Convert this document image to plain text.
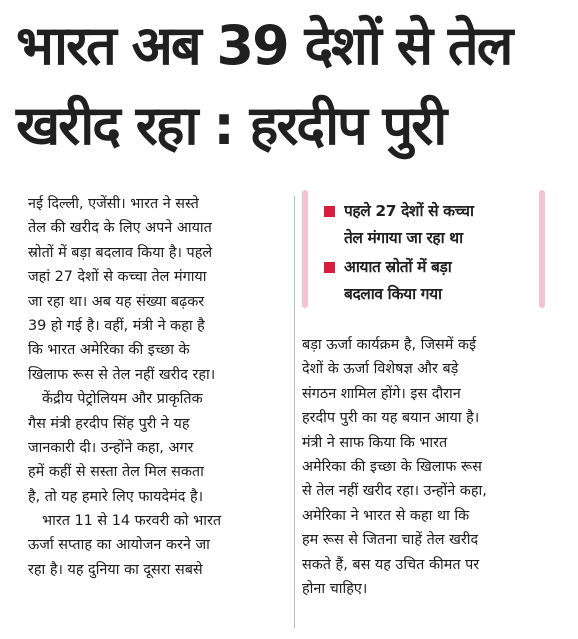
भारत अब 39 देशों से तेल
खरीद रहा : हरदीप पुरी
नई दिल्ली, एजेंसी। भारत ने सस्ते
तेल की खरीद के लिए अपने आयात
स्रोतों में बड़ा बदलाव किया है। पहले
जहां 27 देशों से कच्चा तेल मंगाया
जा रहा था। अब यह संख्या बढ़कर
39 हो गई है। वहीं, मंत्री ने कहा है
कि भारत अमेरिका की इच्छा के
खिलाफ रूस से तेल नहीं खरीद रहा।
केंद्रीय पेट्रोलियम और प्राकृतिक
गैस मंत्री हरदीप सिंह पुरी ने यह
जानकारी दी। उन्होंने कहा, अगर
हमें कहीं से सस्ता तेल मिल सकता
है, तो यह हमारे लिए फायदेमंद है।
भारत 11 से 14 फरवरी को भारत
ऊर्जा सप्ताह का आयोजन करने जा
रहा है। यह दुनिया का दूसरा सबसे
पहले 27 देशों से कच्चा
तेल मंगाया जा रहा था
आयात स्रोतों में बड़ा
बदलाव किया गया
बड़ा ऊर्जा कार्यक्रम है, जिसमें कई
देशों के ऊर्जा विशेषज्ञ और बड़े
संगठन शामिल होंगे। इस दौरान
हरदीप पुरी का यह बयान आया है।
मंत्री ने साफ किया कि भारत
अमेरिका की इच्छा के खिलाफ रूस
से तेल नहीं खरीद रहा। उन्होंने कहा,
अमेरिका ने भारत से कहा था कि
हम रूस से जितना चाहें तेल खरीद
सकते हैं, बस यह उचित कीमत पर
होना चाहिए।
